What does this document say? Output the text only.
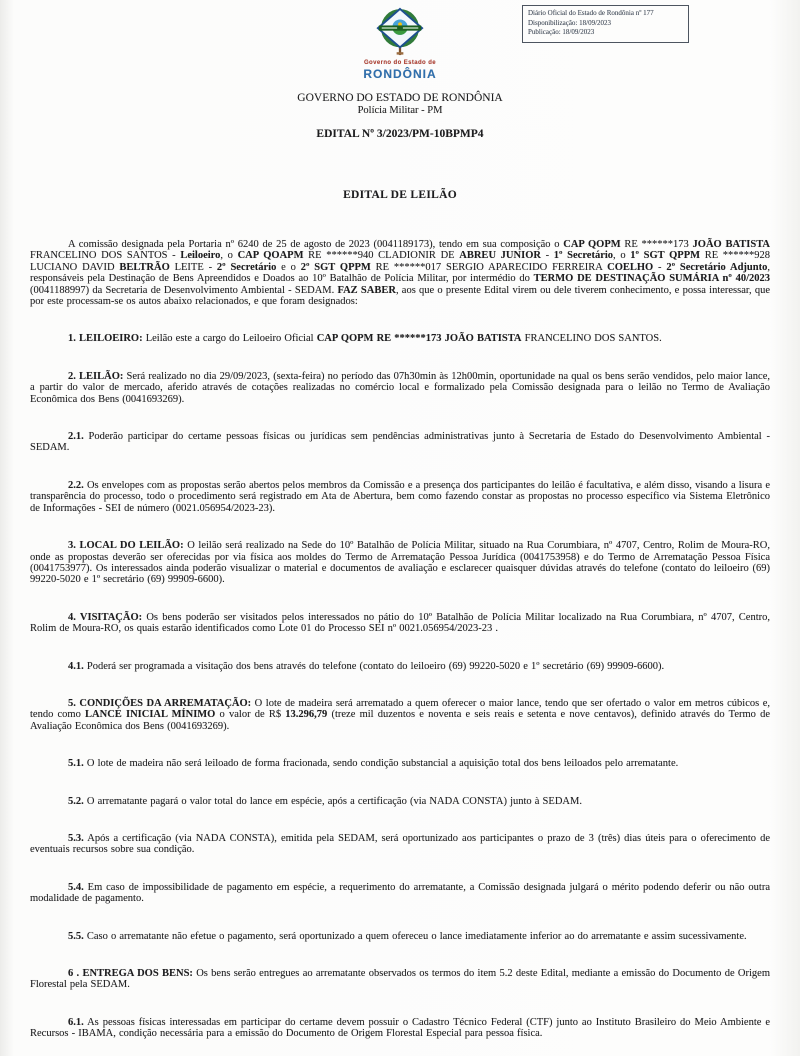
Diário Oficial do Estado de Rondônia nº 177
Disponibilização: 18/09/2023
Publicação: 18/09/2023
Governo do Estado de
RONDÔNIA
GOVERNO DO ESTADO DE RONDÔNIA
Polícia Militar - PM
EDITAL Nº 3/2023/PM-10BPMP4
EDITAL DE LEILÃO

A comissão designada pela Portaria nº 6240 de 25 de agosto de 2023 (0041189173), tendo em sua composição o CAP QOPM RE ******173 JOÃO BATISTA FRANCELINO DOS SANTOS - Leiloeiro, o CAP QOAPM RE ******940 CLADIONIR DE ABREU JUNIOR - 1º Secretário, o 1º SGT QPPM RE ******928 LUCIANO DAVID BELTRÃO LEITE - 2º Secretário e o 2º SGT QPPM RE ******017 SERGIO APARECIDO FERREIRA COELHO - 2º Secretário Adjunto, responsáveis pela Destinação de Bens Apreendidos e Doados ao 10º Batalhão de Polícia Militar, por intermédio do TERMO DE DESTINAÇÃO SUMÁRIA nº 40/2023 (0041188997) da Secretaria de Desenvolvimento Ambiental - SEDAM. FAZ SABER, aos que o presente Edital virem ou dele tiverem conhecimento, e possa interessar, que por este processam-se os autos abaixo relacionados, e que foram designados:

1. LEILOEIRO: Leilão este a cargo do Leiloeiro Oficial CAP QOPM RE ******173 JOÃO BATISTA FRANCELINO DOS SANTOS.

2. LEILÃO: Será realizado no dia 29/09/2023, (sexta-feira) no período das 07h30min às 12h00min, oportunidade na qual os bens serão vendidos, pelo maior lance, a partir do valor de mercado, aferido através de cotações realizadas no comércio local e formalizado pela Comissão designada para o leilão no Termo de Avaliação Econômica dos Bens (0041693269).

2.1. Poderão participar do certame pessoas físicas ou jurídicas sem pendências administrativas junto à Secretaria de Estado do Desenvolvimento Ambiental - SEDAM.

2.2. Os envelopes com as propostas serão abertos pelos membros da Comissão e a presença dos participantes do leilão é facultativa, e além disso, visando a lisura e transparência do processo, todo o procedimento será registrado em Ata de Abertura, bem como fazendo constar as propostas no processo específico via Sistema Eletrônico de Informações - SEI de número (0021.056954/2023-23).

3. LOCAL DO LEILÃO: O leilão será realizado na Sede do 10º Batalhão de Polícia Militar, situado na Rua Corumbiara, nº 4707, Centro, Rolim de Moura-RO, onde as propostas deverão ser oferecidas por via física aos moldes do Termo de Arrematação Pessoa Jurídica (0041753958) e do Termo de Arrematação Pessoa Física (0041753977). Os interessados ainda poderão visualizar o material e documentos de avaliação e esclarecer quaisquer dúvidas através do telefone (contato do leiloeiro (69) 99220-5020 e 1º secretário (69) 99909-6600).

4. VISITAÇÃO: Os bens poderão ser visitados pelos interessados no pátio do 10º Batalhão de Polícia Militar localizado na Rua Corumbiara, nº 4707, Centro, Rolim de Moura-RO, os quais estarão identificados como Lote 01 do Processo SEI nº 0021.056954/2023-23 .

4.1. Poderá ser programada a visitação dos bens através do telefone (contato do leiloeiro (69) 99220-5020 e 1º secretário (69) 99909-6600).

5. CONDIÇÕES DA ARREMATAÇÃO: O lote de madeira será arrematado a quem oferecer o maior lance, tendo que ser ofertado o valor em metros cúbicos e, tendo como LANCE INICIAL MÍNIMO o valor de R$ 13.296,79 (treze mil duzentos e noventa e seis reais e setenta e nove centavos), definido através do Termo de Avaliação Econômica dos Bens (0041693269).

5.1. O lote de madeira não será leiloado de forma fracionada, sendo condição substancial a aquisição total dos bens leiloados pelo arrematante.

5.2. O arrematante pagará o valor total do lance em espécie, após a certificação (via NADA CONSTA) junto à SEDAM.

5.3. Após a certificação (via NADA CONSTA), emitida pela SEDAM, será oportunizado aos participantes o prazo de 3 (três) dias úteis para o oferecimento de eventuais recursos sobre sua condição.

5.4. Em caso de impossibilidade de pagamento em espécie, a requerimento do arrematante, a Comissão designada julgará o mérito podendo deferir ou não outra modalidade de pagamento.

5.5. Caso o arrematante não efetue o pagamento, será oportunizado a quem ofereceu o lance imediatamente inferior ao do arrematante e assim sucessivamente.

6 . ENTREGA DOS BENS: Os bens serão entregues ao arrematante observados os termos do item 5.2 deste Edital, mediante a emissão do Documento de Origem Florestal pela SEDAM.

6.1. As pessoas físicas interessadas em participar do certame devem possuir o Cadastro Técnico Federal (CTF) junto ao Instituto Brasileiro do Meio Ambiente e Recursos - IBAMA, condição necessária para a emissão do Documento de Origem Florestal Especial para pessoa física.
